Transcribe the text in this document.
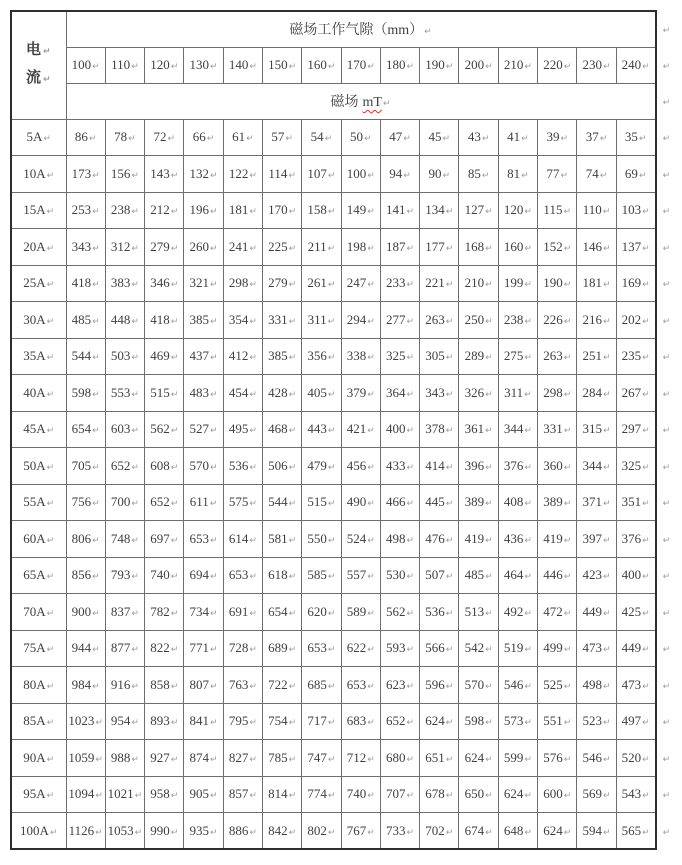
电↵
流↵	磁场工作气隙（mm）↵															↵
	100↵	110↵	120↵	130↵	140↵	150↵	160↵	170↵	180↵	190↵	200↵	210↵	220↵	230↵	240↵	↵
	磁场 mT↵															↵
5A↵	86↵	78↵	72↵	66↵	61↵	57↵	54↵	50↵	47↵	45↵	43↵	41↵	39↵	37↵	35↵	↵
10A↵	173↵	156↵	143↵	132↵	122↵	114↵	107↵	100↵	94↵	90↵	85↵	81↵	77↵	74↵	69↵	↵
15A↵	253↵	238↵	212↵	196↵	181↵	170↵	158↵	149↵	141↵	134↵	127↵	120↵	115↵	110↵	103↵	↵
20A↵	343↵	312↵	279↵	260↵	241↵	225↵	211↵	198↵	187↵	177↵	168↵	160↵	152↵	146↵	137↵	↵
25A↵	418↵	383↵	346↵	321↵	298↵	279↵	261↵	247↵	233↵	221↵	210↵	199↵	190↵	181↵	169↵	↵
30A↵	485↵	448↵	418↵	385↵	354↵	331↵	311↵	294↵	277↵	263↵	250↵	238↵	226↵	216↵	202↵	↵
35A↵	544↵	503↵	469↵	437↵	412↵	385↵	356↵	338↵	325↵	305↵	289↵	275↵	263↵	251↵	235↵	↵
40A↵	598↵	553↵	515↵	483↵	454↵	428↵	405↵	379↵	364↵	343↵	326↵	311↵	298↵	284↵	267↵	↵
45A↵	654↵	603↵	562↵	527↵	495↵	468↵	443↵	421↵	400↵	378↵	361↵	344↵	331↵	315↵	297↵	↵
50A↵	705↵	652↵	608↵	570↵	536↵	506↵	479↵	456↵	433↵	414↵	396↵	376↵	360↵	344↵	325↵	↵
55A↵	756↵	700↵	652↵	611↵	575↵	544↵	515↵	490↵	466↵	445↵	389↵	408↵	389↵	371↵	351↵	↵
60A↵	806↵	748↵	697↵	653↵	614↵	581↵	550↵	524↵	498↵	476↵	419↵	436↵	419↵	397↵	376↵	↵
65A↵	856↵	793↵	740↵	694↵	653↵	618↵	585↵	557↵	530↵	507↵	485↵	464↵	446↵	423↵	400↵	↵
70A↵	900↵	837↵	782↵	734↵	691↵	654↵	620↵	589↵	562↵	536↵	513↵	492↵	472↵	449↵	425↵	↵
75A↵	944↵	877↵	822↵	771↵	728↵	689↵	653↵	622↵	593↵	566↵	542↵	519↵	499↵	473↵	449↵	↵
80A↵	984↵	916↵	858↵	807↵	763↵	722↵	685↵	653↵	623↵	596↵	570↵	546↵	525↵	498↵	473↵	↵
85A↵	1023↵	954↵	893↵	841↵	795↵	754↵	717↵	683↵	652↵	624↵	598↵	573↵	551↵	523↵	497↵	↵
90A↵	1059↵	988↵	927↵	874↵	827↵	785↵	747↵	712↵	680↵	651↵	624↵	599↵	576↵	546↵	520↵	↵
95A↵	1094↵	1021↵	958↵	905↵	857↵	814↵	774↵	740↵	707↵	678↵	650↵	624↵	600↵	569↵	543↵	↵
100A↵	1126↵	1053↵	990↵	935↵	886↵	842↵	802↵	767↵	733↵	702↵	674↵	648↵	624↵	594↵	565↵	↵
